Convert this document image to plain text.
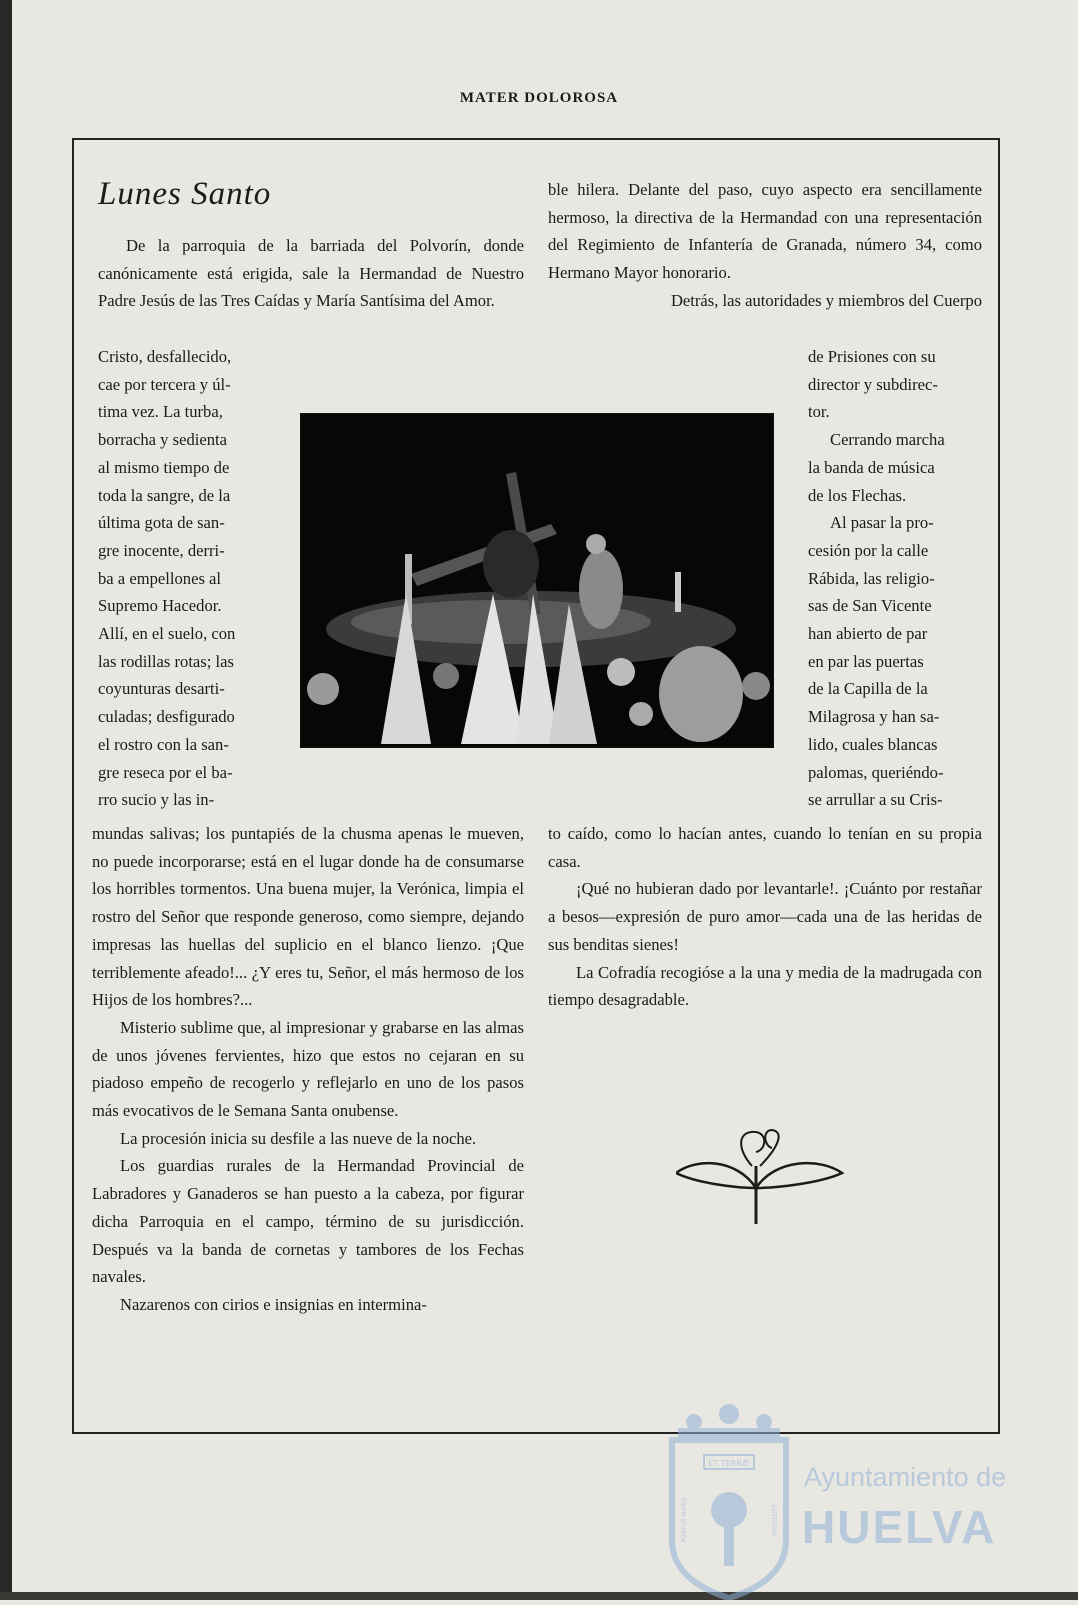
MATER DOLOROSA
Lunes Santo

De la parroquia de la barriada del Polvorín, donde canónicamente está erigida, sale la Hermandad de Nuestro Padre Jesús de las Tres Caídas y María Santísima del Amor.

Cristo, desfallecido,
cae por tercera y úl-
tima vez. La turba,
borracha y sedienta
al mismo tiempo de
toda la sangre, de la
última gota de san-
gre inocente, derri-
ba a empellones al
Supremo Hacedor.
Allí, en el suelo, con
las rodillas rotas; las
coyunturas desarti-
culadas; desfigurado
el rostro con la san-
gre reseca por el ba-
rro sucio y las in-

mundas salivas; los puntapiés de la chusma apenas le mueven, no puede incorporarse; está en el lugar donde ha de consumarse los horribles tormentos. Una buena mujer, la Verónica, limpia el rostro del Señor que responde generoso, como siempre, dejando impresas las huellas del suplicio en el blanco lienzo. ¡Que terriblemente afeado!... ¿Y eres tu, Señor, el más hermoso de los Hijos de los hombres?...

Misterio sublime que, al impresionar y grabarse en las almas de unos jóvenes fervientes, hizo que estos no cejaran en su piadoso empeño de recogerlo y reflejarlo en uno de los pasos más evocativos de le Semana Santa onubense.

La procesión inicia su desfile a las nueve de la noche.

Los guardias rurales de la Hermandad Provincial de Labradores y Ganaderos se han puesto a la cabeza, por figurar dicha Parroquia en el campo, término de su jurisdicción. Después va la banda de cornetas y tambores de los Fechas navales.

Nazarenos con cirios e insignias en intermina-

ble hilera. Delante del paso, cuyo aspecto era sencillamente hermoso, la directiva de la Hermandad con una representación del Regimiento de Infantería de Granada, número 34, como Hermano Mayor honorario.

Detrás, las autoridades y miembros del Cuerpo

de Prisiones con su
director y subdirec-
tor.
Cerrando marcha
la banda de música
de los Flechas.
Al pasar la pro-
cesión por la calle
Rábida, las religio-
sas de San Vicente
han abierto de par
en par las puertas
de la Capilla de la
Milagrosa y han sa-
lido, cuales blancas
palomas, queriéndo-
se arrullar a su Cris-

to caído, como lo hacían antes, cuando lo tenían en su propia casa.

¡Qué no hubieran dado por levantarle!. ¡Cuánto por restañar a besos—expresión de puro amor—cada una de las heridas de sus benditas sienes!

La Cofradía recogióse a la una y media de la madrugada con tiempo desagradable.

ET TERRÆ
PORTUS MARIS	CUSTODIA
Ayuntamiento de
HUELVA
